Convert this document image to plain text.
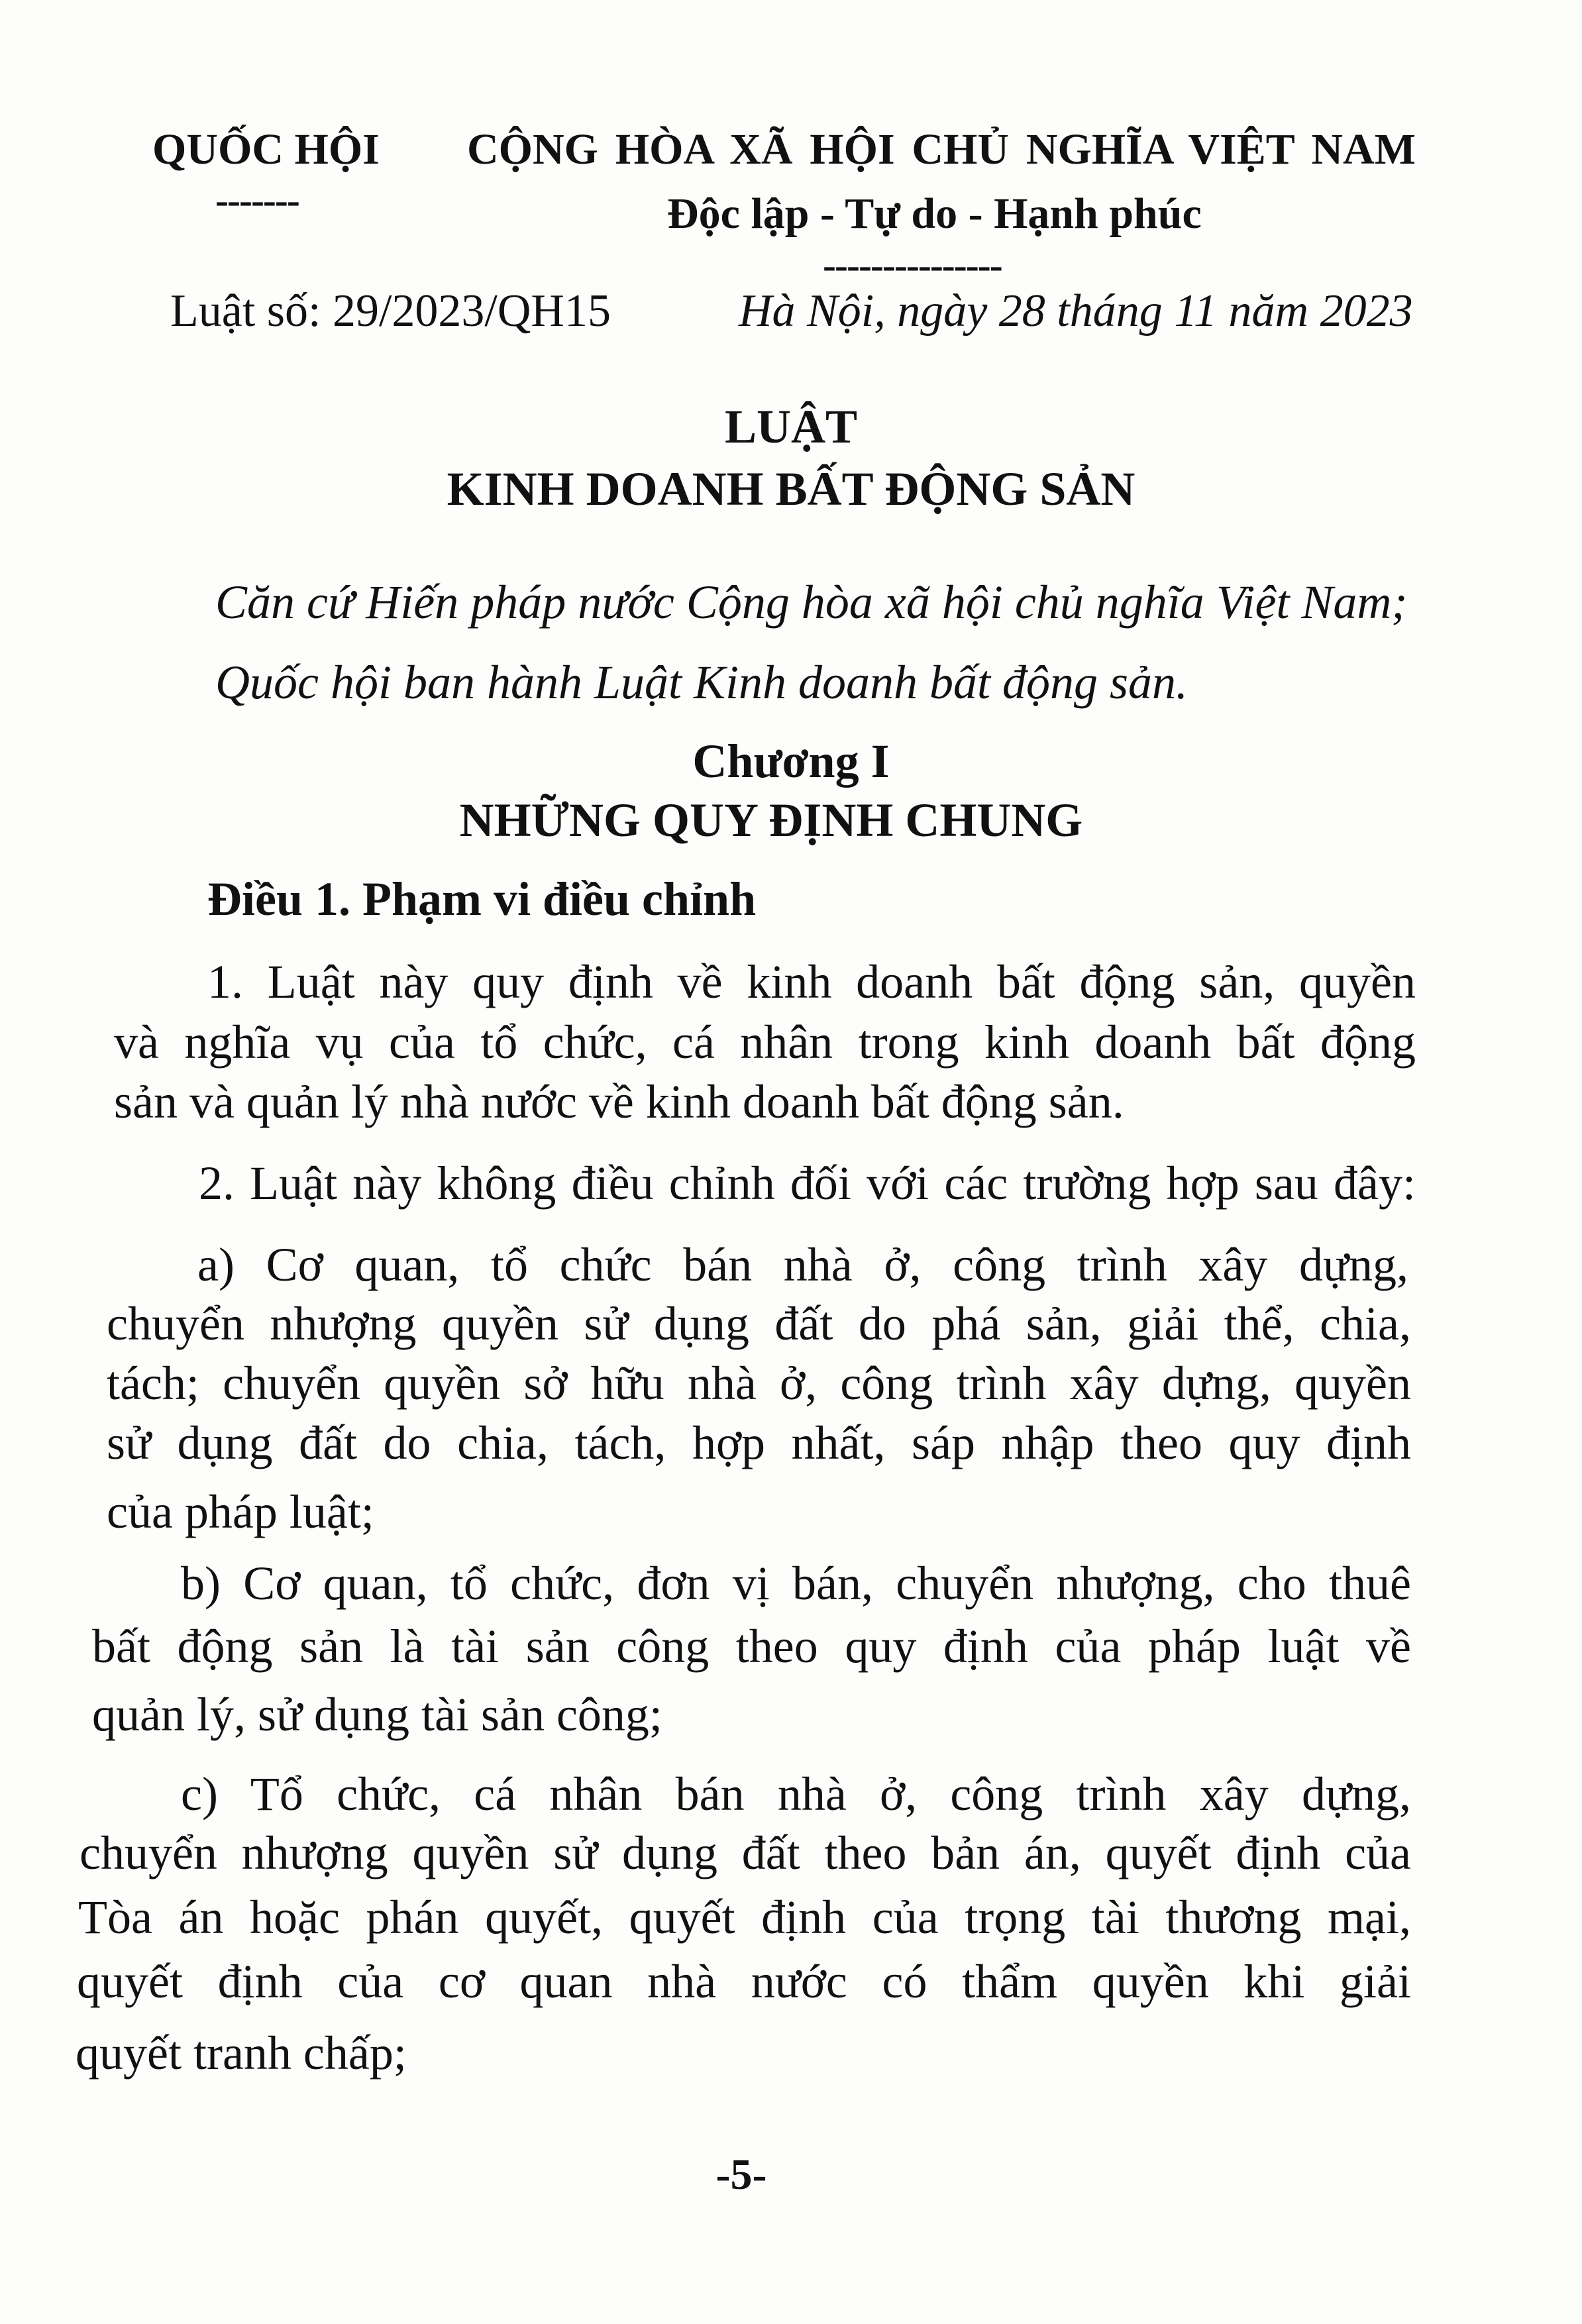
QUỐC HỘI CỘNG HÒA XÃ HỘI CHỦ NGHĨA VIỆT NAM
-------	Độc lập - Tự do - Hạnh phúc
---------------
Luật số: 29/2023/QH15	Hà Nội, ngày 28 tháng 11 năm 2023
LUẬT
KINH DOANH BẤT ĐỘNG SẢN
Căn cứ Hiến pháp nước Cộng hòa xã hội chủ nghĩa Việt Nam;
Quốc hội ban hành Luật Kinh doanh bất động sản.
Chương I
NHỮNG QUY ĐỊNH CHUNG
Điều 1. Phạm vi điều chỉnh
1. Luật này quy định về kinh doanh bất động sản, quyền
và nghĩa vụ của tổ chức, cá nhân trong kinh doanh bất động
sản và quản lý nhà nước về kinh doanh bất động sản.
2. Luật này không điều chỉnh đối với các trường hợp sau đây:
a) Cơ quan, tổ chức bán nhà ở, công trình xây dựng,
chuyển nhượng quyền sử dụng đất do phá sản, giải thể, chia,
tách; chuyển quyền sở hữu nhà ở, công trình xây dựng, quyền
sử dụng đất do chia, tách, hợp nhất, sáp nhập theo quy định
của pháp luật;
b) Cơ quan, tổ chức, đơn vị bán, chuyển nhượng, cho thuê
bất động sản là tài sản công theo quy định của pháp luật về
quản lý, sử dụng tài sản công;
c) Tổ chức, cá nhân bán nhà ở, công trình xây dựng,
chuyển nhượng quyền sử dụng đất theo bản án, quyết định của
Tòa án hoặc phán quyết, quyết định của trọng tài thương mại,
quyết định của cơ quan nhà nước có thẩm quyền khi giải
quyết tranh chấp;
-5-
